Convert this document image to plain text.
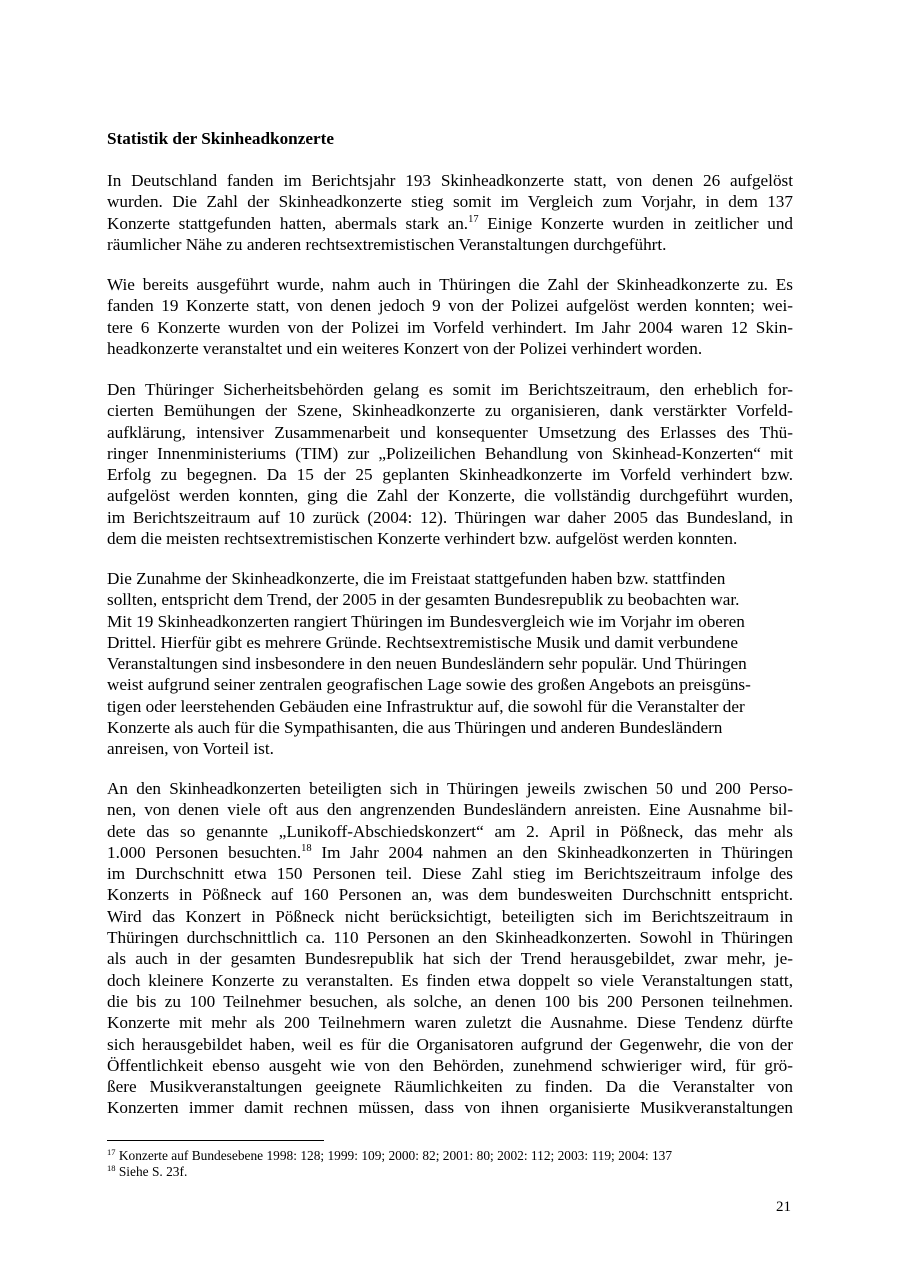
Statistik der Skinheadkonzerte
In Deutschland fanden im Berichtsjahr 193 Skinheadkonzerte statt, von denen 26 aufgelöst
wurden. Die Zahl der Skinheadkonzerte stieg somit im Vergleich zum Vorjahr, in dem 137
Konzerte stattgefunden hatten, abermals stark an.$^{17}$ Einige Konzerte wurden in zeitlicher und
räumlicher Nähe zu anderen rechtsextremistischen Veranstaltungen durchgeführt.
Wie bereits ausgeführt wurde, nahm auch in Thüringen die Zahl der Skinheadkonzerte zu. Es
fanden 19 Konzerte statt, von denen jedoch 9 von der Polizei aufgelöst werden konnten; wei-
tere 6 Konzerte wurden von der Polizei im Vorfeld verhindert. Im Jahr 2004 waren 12 Skin-
headkonzerte veranstaltet und ein weiteres Konzert von der Polizei verhindert worden.
Den Thüringer Sicherheitsbehörden gelang es somit im Berichtszeitraum, den erheblich for-
cierten Bemühungen der Szene, Skinheadkonzerte zu organisieren, dank verstärkter Vorfeld-
aufklärung, intensiver Zusammenarbeit und konsequenter Umsetzung des Erlasses des Thü-
ringer Innenministeriums (TIM) zur „Polizeilichen Behandlung von Skinhead-Konzerten“ mit
Erfolg zu begegnen. Da 15 der 25 geplanten Skinheadkonzerte im Vorfeld verhindert bzw.
aufgelöst werden konnten, ging die Zahl der Konzerte, die vollständig durchgeführt wurden,
im Berichtszeitraum auf 10 zurück (2004: 12). Thüringen war daher 2005 das Bundesland, in
dem die meisten rechtsextremistischen Konzerte verhindert bzw. aufgelöst werden konnten.
Die Zunahme der Skinheadkonzerte, die im Freistaat stattgefunden haben bzw. stattfinden
sollten, entspricht dem Trend, der 2005 in der gesamten Bundesrepublik zu beobachten war.
Mit 19 Skinheadkonzerten rangiert Thüringen im Bundesvergleich wie im Vorjahr im oberen
Drittel. Hierfür gibt es mehrere Gründe. Rechtsextremistische Musik und damit verbundene
Veranstaltungen sind insbesondere in den neuen Bundesländern sehr populär. Und Thüringen
weist aufgrund seiner zentralen geografischen Lage sowie des großen Angebots an preisgüns-
tigen oder leerstehenden Gebäuden eine Infrastruktur auf, die sowohl für die Veranstalter der
Konzerte als auch für die Sympathisanten, die aus Thüringen und anderen Bundesländern
anreisen, von Vorteil ist.
An den Skinheadkonzerten beteiligten sich in Thüringen jeweils zwischen 50 und 200 Perso-
nen, von denen viele oft aus den angrenzenden Bundesländern anreisten. Eine Ausnahme bil-
dete das so genannte „Lunikoff-Abschiedskonzert“ am 2. April in Pößneck, das mehr als
1.000 Personen besuchten.$^{18}$ Im Jahr 2004 nahmen an den Skinheadkonzerten in Thüringen
im Durchschnitt etwa 150 Personen teil. Diese Zahl stieg im Berichtszeitraum infolge des
Konzerts in Pößneck auf 160 Personen an, was dem bundesweiten Durchschnitt entspricht.
Wird das Konzert in Pößneck nicht berücksichtigt, beteiligten sich im Berichtszeitraum in
Thüringen durchschnittlich ca. 110 Personen an den Skinheadkonzerten. Sowohl in Thüringen
als auch in der gesamten Bundesrepublik hat sich der Trend herausgebildet, zwar mehr, je-
doch kleinere Konzerte zu veranstalten. Es finden etwa doppelt so viele Veranstaltungen statt,
die bis zu 100 Teilnehmer besuchen, als solche, an denen 100 bis 200 Personen teilnehmen.
Konzerte mit mehr als 200 Teilnehmern waren zuletzt die Ausnahme. Diese Tendenz dürfte
sich herausgebildet haben, weil es für die Organisatoren aufgrund der Gegenwehr, die von der
Öffentlichkeit ebenso ausgeht wie von den Behörden, zunehmend schwieriger wird, für grö-
ßere Musikveranstaltungen geeignete Räumlichkeiten zu finden. Da die Veranstalter von
Konzerten immer damit rechnen müssen, dass von ihnen organisierte Musikveranstaltungen
$^{17}$ Konzerte auf Bundesebene 1998: 128; 1999: 109; 2000: 82; 2001: 80; 2002: 112; 2003: 119; 2004: 137
$^{18}$ Siehe S. 23f.
21
